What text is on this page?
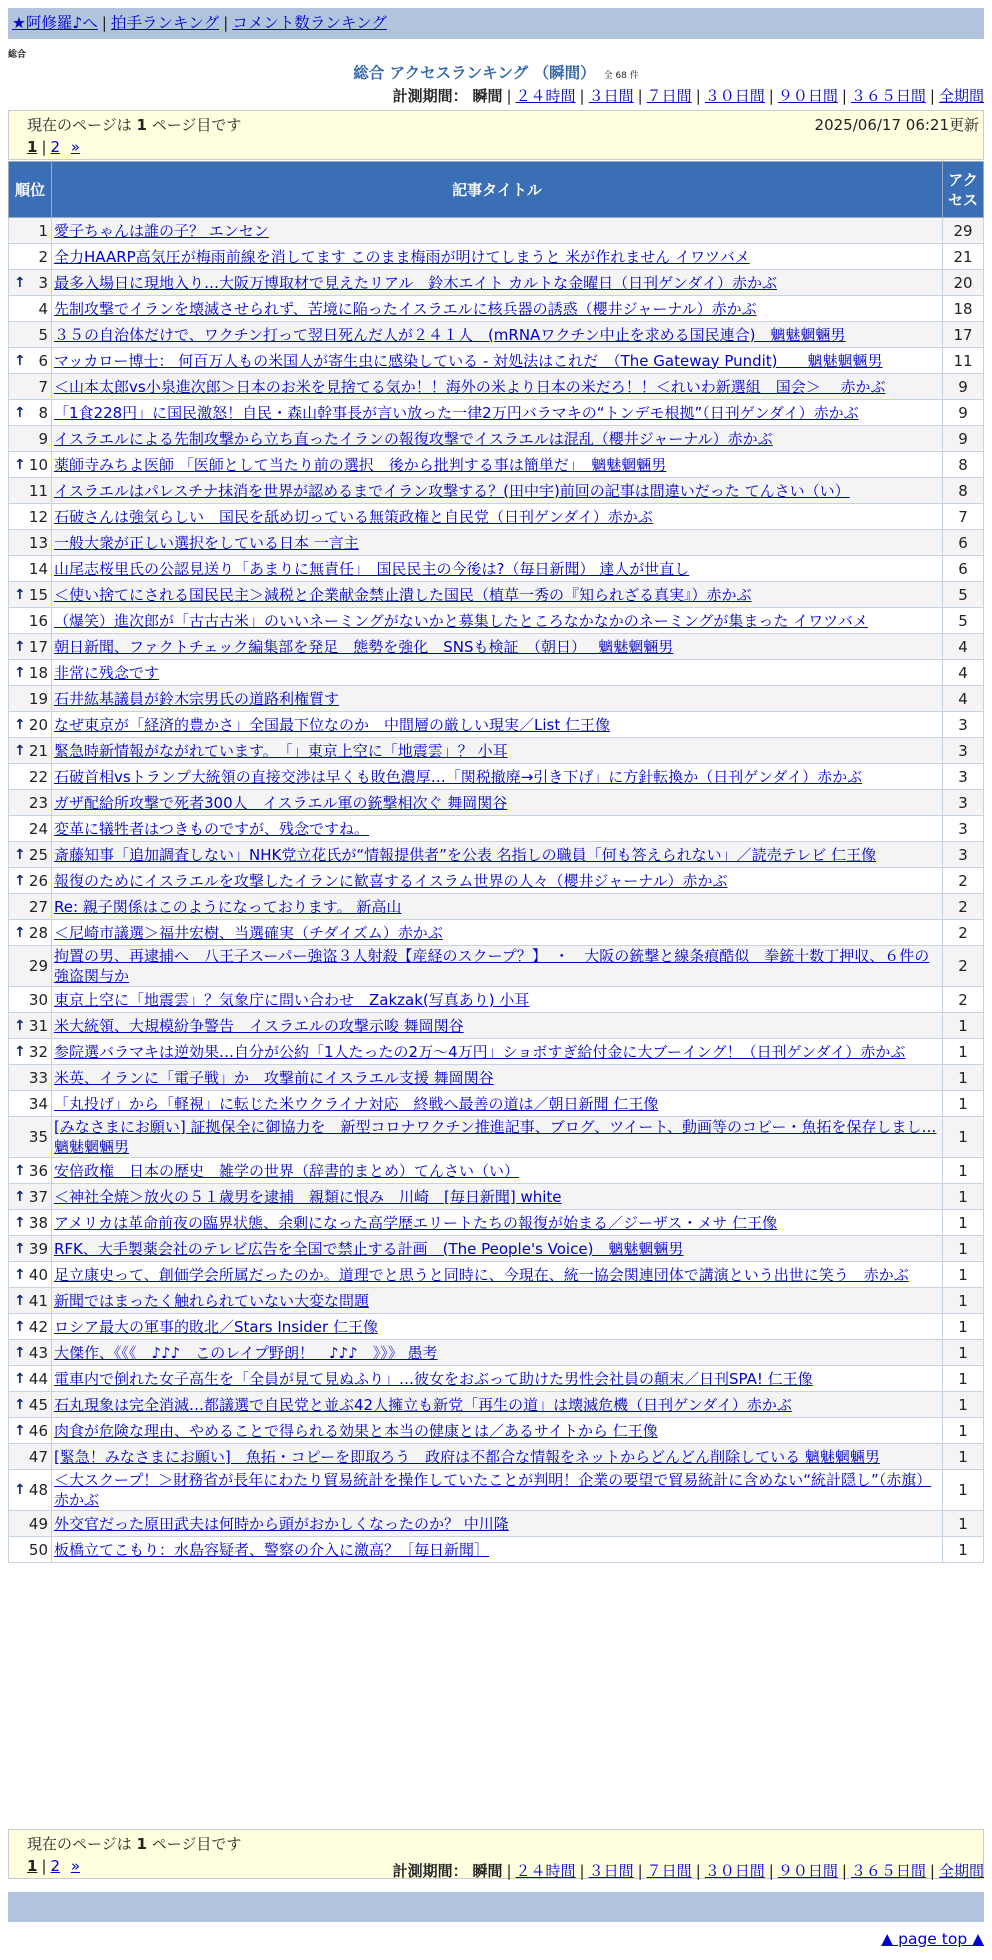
★阿修羅♪へ | 拍手ランキング | コメント数ランキング
総合
総合 アクセスランキング （瞬間） 全 68 件
計測期間： 瞬間 | ２４時間 | ３日間 | ７日間 | ３０日間 | ９０日間 | ３６５日間 | 全期間
現在のページは 1 ページ目です	2025/06/17 06:21更新
1 | 2 »
順位	記事タイトル	アクセス
1	愛子ちゃんは誰の子？ エンセン	29
2	全力HAARP高気圧が梅雨前線を消してます このまま梅雨が明けてしまうと 米が作れません イワツバメ	21

↑ 3	最多入場日に現地入り…大阪万博取材で見えたリアル　鈴木エイト カルトな金曜日（日刊ゲンダイ）赤かぶ	20
4	先制攻撃でイランを壊滅させられず、苦境に陥ったイスラエルに核兵器の誘惑（櫻井ジャーナル）赤かぶ	18
5	３５の自治体だけで、ワクチン打って翌日死んだ人が２４１人　(mRNAワクチン中止を求める国民連合)　魑魅魍魎男	17

↑ 6	マッカロー博士： 何百万人もの米国人が寄生虫に感染している - 対処法はこれだ　（The Gateway Pundit)　　魑魅魍魎男	11
7	＜山本太郎vs小泉進次郎＞日本のお米を見捨てる気か！！海外の米より日本の米だろ！！＜れいわ新選組　国会＞　 赤かぶ	9

↑ 8	「1食228円」に国民激怒！自民・森山幹事長が言い放った一律2万円バラマキの“トンデモ根拠”（日刊ゲンダイ）赤かぶ	9
9	イスラエルによる先制攻撃から立ち直ったイランの報復攻撃でイスラエルは混乱（櫻井ジャーナル）赤かぶ	9

↑ 10	薬師寺みちよ医師 「医師として当たり前の選択　後から批判する事は簡単だ」　魑魅魍魎男	8
11	イスラエルはパレスチナ抹消を世界が認めるまでイラン攻撃する？(田中宇)前回の記事は間違いだった てんさい（い）	8
12	石破さんは強気らしい　国民を舐め切っている無策政権と自民党（日刊ゲンダイ）赤かぶ	7
13	一般大衆が正しい選択をしている日本 一言主	6
14	山尾志桜里氏の公認見送り「あまりに無責任」　国民民主の今後は?（毎日新聞） 達人が世直し	6

↑ 15	＜使い捨てにされる国民民主＞減税と企業献金禁止潰した国民（植草一秀の『知られざる真実』）赤かぶ	5
16	（爆笑）進次郎が「古古古米」のいいネーミングがないかと募集したところなかなかのネーミングが集まった イワツバメ	5

↑ 17	朝日新聞、ファクトチェック編集部を発足　態勢を強化　SNSも検証　（朝日）　 魑魅魍魎男	4

↑ 18	非常に残念です	4
19	石井紘基議員が鈴木宗男氏の道路利権質す	4

↑ 20	なぜ東京が「経済的豊かさ」全国最下位なのか　中間層の厳しい現実／List 仁王像	3

↑ 21	緊急時新情報がながれています。　「」東京上空に「地震雲」？ 小耳	3
22	石破首相vsトランプ大統領の直接交渉は早くも敗色濃厚…「関税撤廃→引き下げ」に方針転換か（日刊ゲンダイ）赤かぶ	3
23	ガザ配給所攻撃で死者300人　イスラエル軍の銃撃相次ぐ 舞岡関谷	3
24	変革に犠牲者はつきものですが、残念ですね。	3

↑ 25	斎藤知事「追加調査しない」NHK党立花氏が“情報提供者”を公表 名指しの職員「何も答えられない」／読売テレビ 仁王像	3

↑ 26	報復のためにイスラエルを攻撃したイランに歓喜するイスラム世界の人々（櫻井ジャーナル）赤かぶ	2
27	Re: 親子関係はこのようになっております。 新高山	2

↑ 28	＜尼崎市議選＞福井宏樹、当選確実（チダイズム）赤かぶ	2
29	拘置の男、再逮捕へ　八王子スーパー強盗３人射殺【産経のスクープ？】　・　大阪の銃撃と線条痕酷似　拳銃十数丁押収、６件の強盗関与か	2
30	東京上空に「地震雲」？気象庁に問い合わせ　Zakzak(写真あり) 小耳	2

↑ 31	米大統領、大規模紛争警告　イスラエルの攻撃示唆 舞岡関谷	1

↑ 32	参院選バラマキは逆効果…自分が公約「1人たったの2万～4万円」ショボすぎ給付金に大ブーイング！（日刊ゲンダイ）赤かぶ	1
33	米英、イランに「電子戦」か　攻撃前にイスラエル支援 舞岡関谷	1
34	「丸投げ」から「軽視」に転じた米ウクライナ対応　終戦へ最善の道は／朝日新聞 仁王像	1
35	[みなさまにお願い] 証拠保全に御協力を　新型コロナワクチン推進記事、ブログ、ツイート、動画等のコピー・魚拓を保存しまし… 魑魅魍魎男	1

↑ 36	安倍政権　日本の歴史　雑学の世界（辞書的まとめ）てんさい（い）	1

↑ 37	＜神社全焼＞放火の５１歳男を逮捕　親類に恨み　川崎　[毎日新聞] white	1

↑ 38	アメリカは革命前夜の臨界状態、余剰になった高学歴エリートたちの報復が始まる／ジーザス・メサ 仁王像	1

↑ 39	RFK、大手製薬会社のテレビ広告を全国で禁止する計画　(The People's Voice)　魑魅魍魎男	1

↑ 40	足立康史って、創価学会所属だったのか。道理でと思うと同時に、今現在、統一協会関連団体で講演という出世に笑う　赤かぶ	1

↑ 41	新聞ではまったく触れられていない大変な問題	1

↑ 42	ロシア最大の軍事的敗北／Stars Insider 仁王像	1

↑ 43	大傑作、《《《　♪♪♪　このレイプ野朗！　♪♪♪　》》》 愚考	1

↑ 44	電車内で倒れた女子高生を「全員が見て見ぬふり」…彼女をおぶって助けた男性会社員の顛末／日刊SPA! 仁王像	1

↑ 45	石丸現象は完全消滅…都議選で自民党と並ぶ42人擁立も新党「再生の道」は壊滅危機（日刊ゲンダイ）赤かぶ	1

↑ 46	肉食が危険な理由、やめることで得られる効果と本当の健康とは／あるサイトから 仁王像	1
47	[緊急！みなさまにお願い]　魚拓・コピーを即取ろう　政府は不都合な情報をネットからどんどん削除している 魑魅魍魎男	1

↑ 48	＜大スクープ！＞財務省が長年にわたり貿易統計を操作していたことが判明！企業の要望で貿易統計に含めない“統計隠し”（赤旗）赤かぶ	1
49	外交官だった原田武夫は何時から頭がおかしくなったのか？ 中川隆	1
50	板橋立てこもり：水島容疑者、警察の介入に激高？［毎日新聞］	1
現在のページは 1 ページ目です
1 | 2 »	計測期間： 瞬間 | ２４時間 | ３日間 | ７日間 | ３０日間 | ９０日間 | ３６５日間 | 全期間
▲ page top ▲
